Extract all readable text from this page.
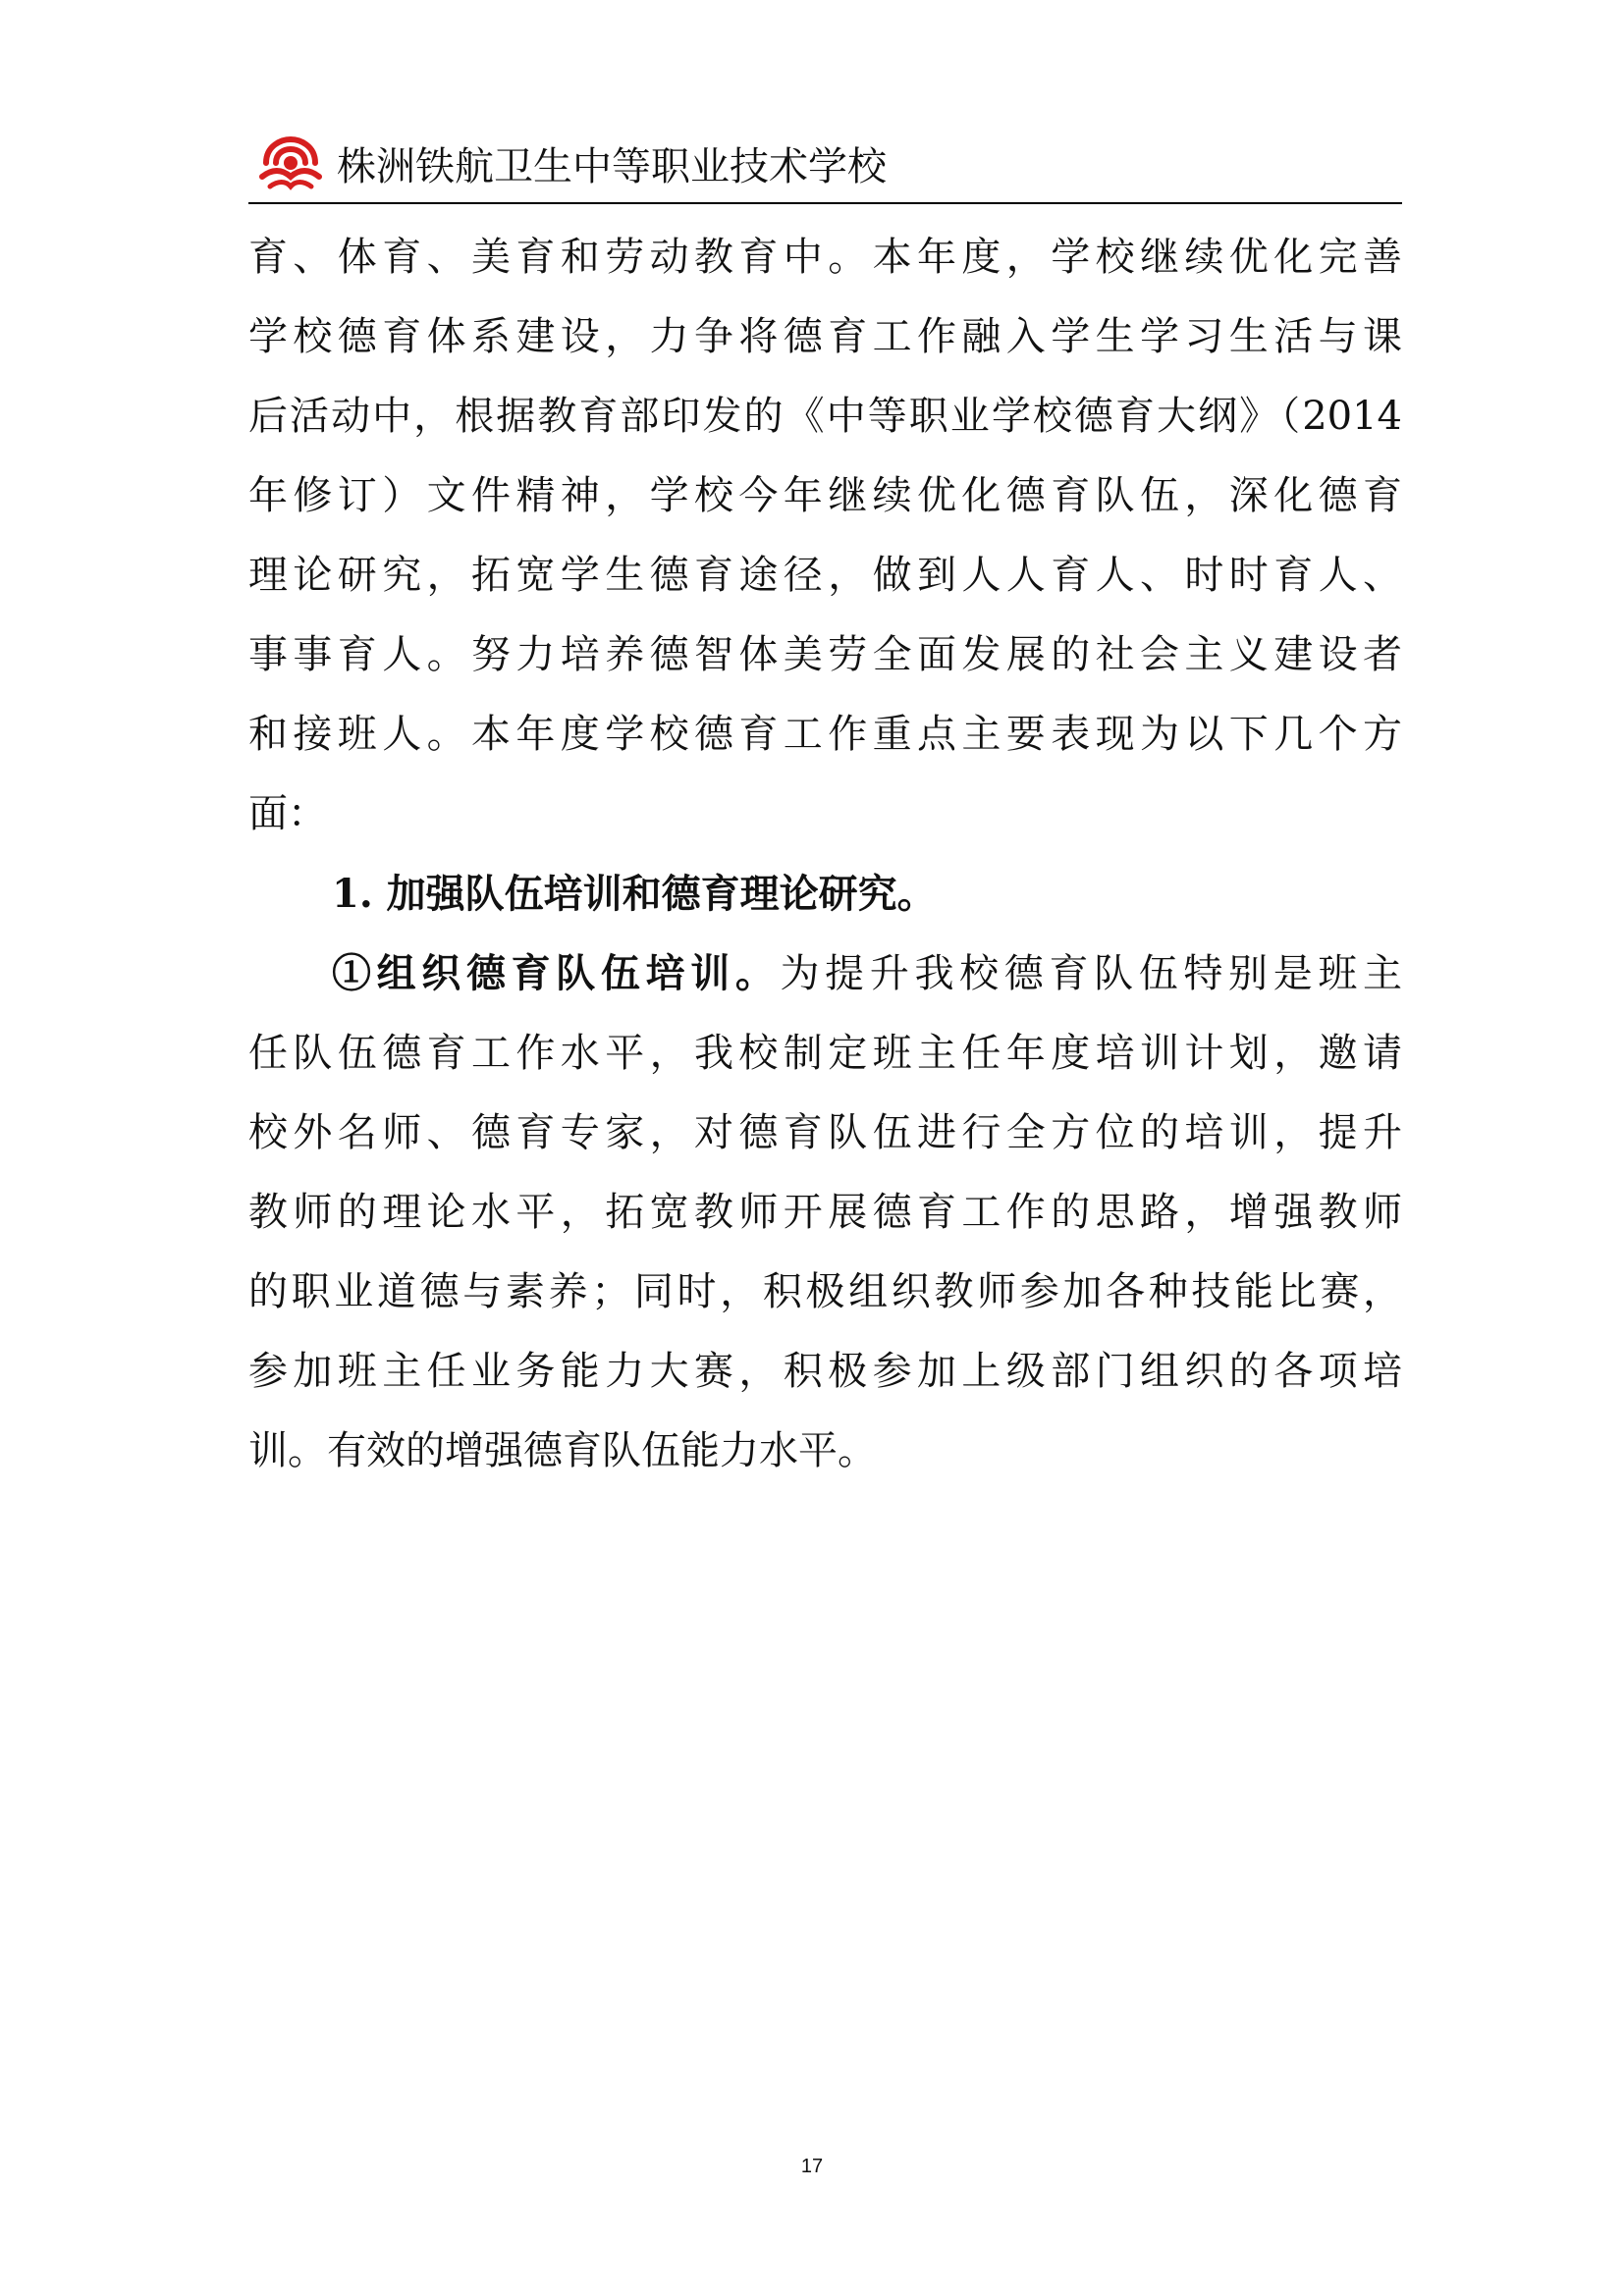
株洲铁航卫生中等职业技术学校
育、体育、美育和劳动教育中。本年度，学校继续优化完善
学校德育体系建设，力争将德育工作融入学生学习生活与课
后活动中，根据教育部印发的《中等职业学校德育大纲》（2014
年修订）文件精神，学校今年继续优化德育队伍，深化德育
理论研究，拓宽学生德育途径，做到人人育人、时时育人、
事事育人。努力培养德智体美劳全面发展的社会主义建设者
和接班人。本年度学校德育工作重点主要表现为以下几个方
面：
1. 加强队伍培训和德育理论研究。
①组织德育队伍培训。为提升我校德育队伍特别是班主
任队伍德育工作水平，我校制定班主任年度培训计划，邀请
校外名师、德育专家，对德育队伍进行全方位的培训，提升
教师的理论水平，拓宽教师开展德育工作的思路，增强教师
的职业道德与素养；同时，积极组织教师参加各种技能比赛，
参加班主任业务能力大赛，积极参加上级部门组织的各项培
训。有效的增强德育队伍能力水平。
17
